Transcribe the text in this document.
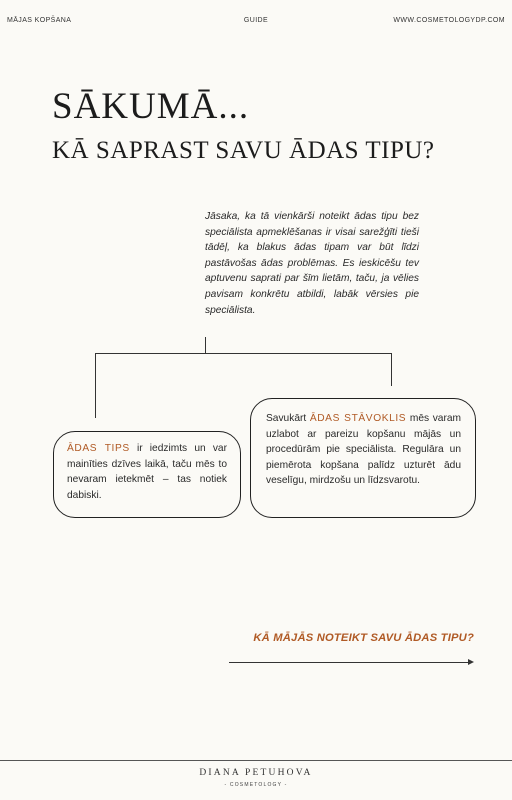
MĀJAS KOPŠANA	GUIDE	WWW.COSMETOLOGYDP.COM
SĀKUMĀ...
KĀ SAPRAST SAVU ĀDAS TIPU?

Jāsaka, ka tā vienkārši noteikt ādas tipu bez speciālista apmeklēšanas ir visai sarežģīti tieši tādēļ, ka blakus ādas tipam var būt līdzi pastāvošas ādas problēmas. Es ieskicēšu tev aptuvenu saprati par šīm lietām, taču, ja vēlies pavisam konkrētu atbildi, labāk vērsies pie speciālista.

ĀDAS TIPS ir iedzimts un var mainīties dzīves laikā, taču mēs to nevaram ietekmēt – tas notiek dabiski.
Savukārt ĀDAS STĀVOKLIS mēs varam uzlabot ar pareizu kopšanu mājās un procedūrām pie speciālista. Regulāra un piemērota kopšana palīdz uzturēt ādu veselīgu, mirdzošu un līdzsvarotu.
KĀ MĀJĀS NOTEIKT SAVU ĀDAS TIPU?
DIANA PETUHOVA
- COSMETOLOGY -
